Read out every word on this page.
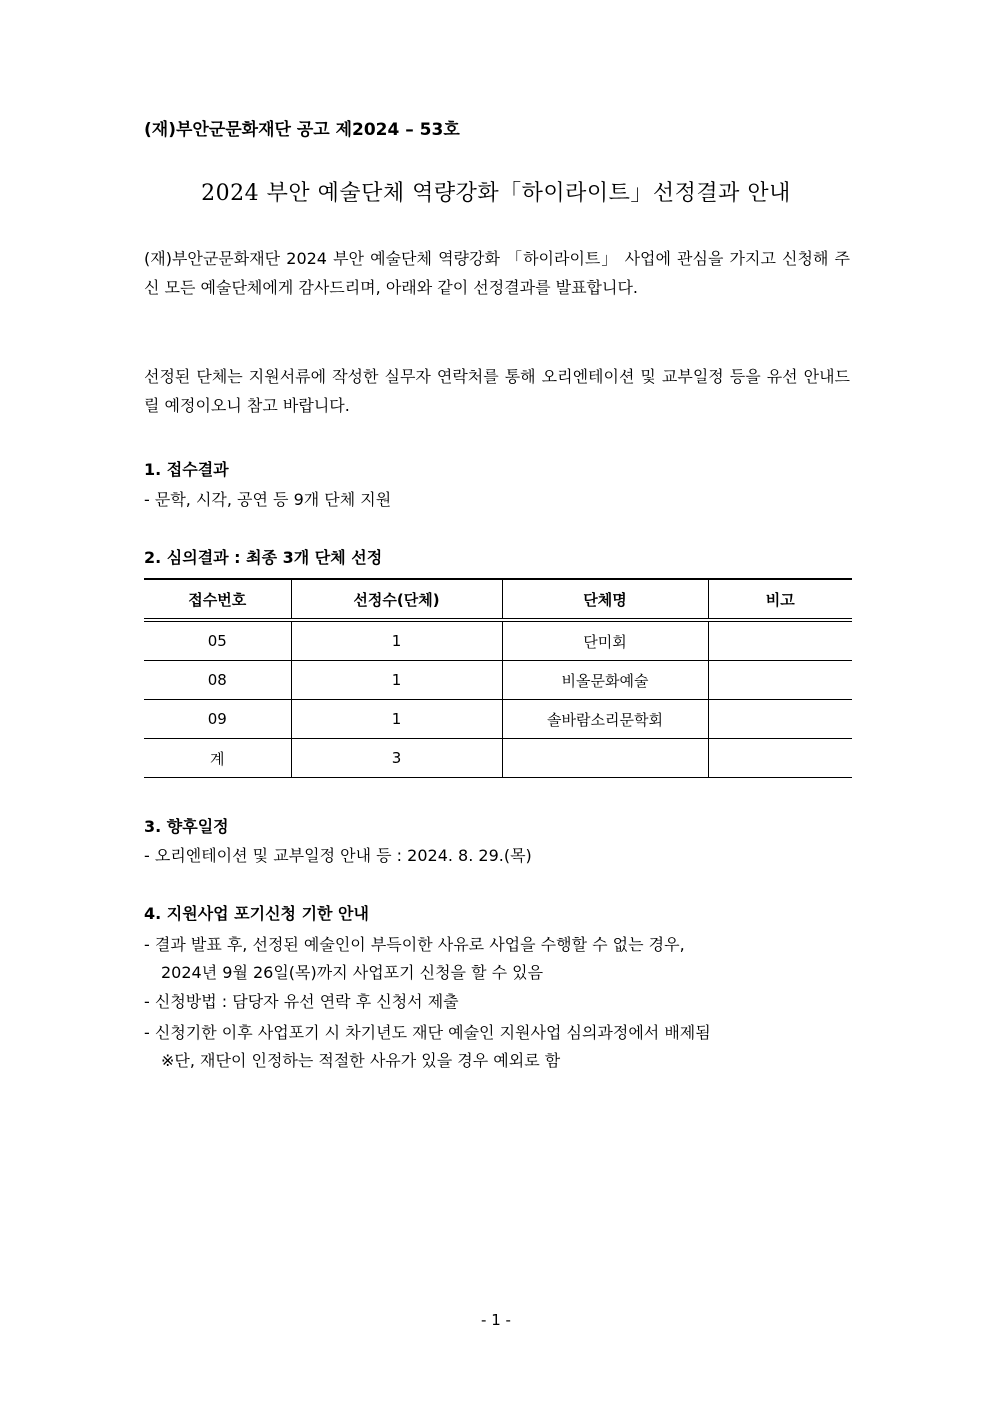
(재)부안군문화재단 공고 제2024 – 53호
2024 부안 예술단체 역량강화「하이라이트」선정결과 안내
(재)부안군문화재단 2024 부안 예술단체 역량강화 「하이라이트」 사업에 관심을 가지고 신청해 주신 모든 예술단체에게 감사드리며, 아래와 같이 선정결과를 발표합니다.
선정된 단체는 지원서류에 작성한 실무자 연락처를 통해 오리엔테이션 및 교부일정 등을 유선 안내드릴 예정이오니 참고 바랍니다.
1. 접수결과
- 문학, 시각, 공연 등 9개 단체 지원
2. 심의결과 : 최종 3개 단체 선정
접수번호	선정수(단체)	단체명	비고
05	1	단미회	
08	1	비올문화예술	
09	1	솔바람소리문학회	
계	3		
3. 향후일정
- 오리엔테이션 및 교부일정 안내 등 : 2024. 8. 29.(목)
4. 지원사업 포기신청 기한 안내
- 결과 발표 후, 선정된 예술인이 부득이한 사유로 사업을 수행할 수 없는 경우,
2024년 9월 26일(목)까지 사업포기 신청을 할 수 있음
- 신청방법 : 담당자 유선 연락 후 신청서 제출
- 신청기한 이후 사업포기 시 차기년도 재단 예술인 지원사업 심의과정에서 배제됨
※단, 재단이 인정하는 적절한 사유가 있을 경우 예외로 함
- 1 -
